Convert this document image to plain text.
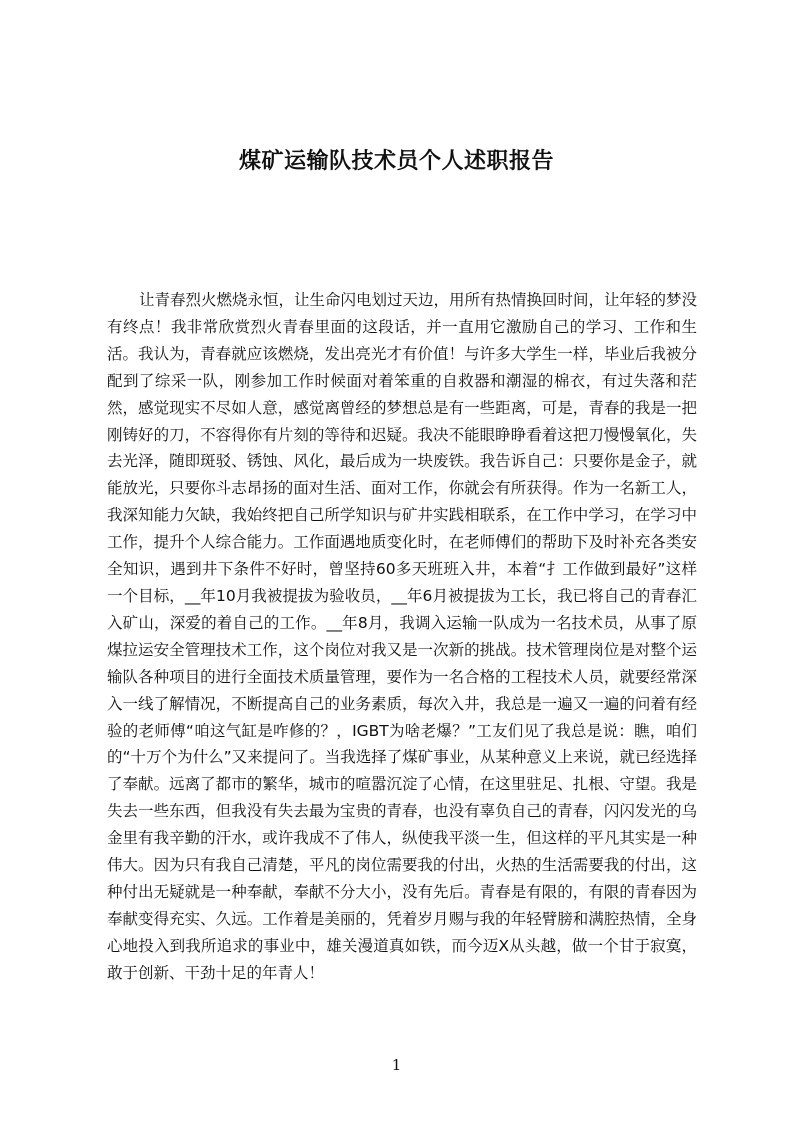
煤矿运输队技术员个人述职报告

让青春烈火燃烧永恒，让生命闪电划过天边，用所有热情换回时间，让年轻的梦没有终点！我非常欣赏烈火青春里面的这段话，并一直用它激励自己的学习、工作和生活。我认为，青春就应该燃烧，发出亮光才有价值！与许多大学生一样，毕业后我被分配到了综采一队，刚参加工作时候面对着笨重的自救器和潮湿的棉衣，有过失落和茫然，感觉现实不尽如人意，感觉离曾经的梦想总是有一些距离，可是，青春的我是一把刚铸好的刀，不容得你有片刻的等待和迟疑。我决不能眼睁睁看着这把刀慢慢氧化，失去光泽，随即斑驳、锈蚀、风化，最后成为一块废铁。我告诉自己：只要你是金子，就能放光，只要你斗志昂扬的面对生活、面对工作，你就会有所获得。作为一名新工人，我深知能力欠缺，我始终把自己所学知识与矿井实践相联系，在工作中学习，在学习中工作，提升个人综合能力。工作面遇地质变化时，在老师傅们的帮助下及时补充各类安全知识，遇到井下条件不好时，曾坚持60多天班班入井，本着“扌工作做到最好”这样一个目标，__年10月我被提拔为验收员，__年6月被提拔为工长，我已将自己的青春汇入矿山，深爱的着自己的工作。__年8月，我调入运输一队成为一名技术员，从事了原煤拉运安全管理技术工作，这个岗位对我又是一次新的挑战。技术管理岗位是对整个运输队各种项目的进行全面技术质量管理，要作为一名合格的工程技术人员，就要经常深入一线了解情况，不断提高自己的业务素质，每次入井，我总是一遍又一遍的问着有经验的老师傅“咱这气缸是咋修的？，IGBT为啥老爆？”工友们见了我总是说：瞧，咱们的“十万个为什么”又来提问了。当我选择了煤矿事业，从某种意义上来说，就已经选择了奉献。远离了都市的繁华，城市的喧嚣沉淀了心情，在这里驻足、扎根、守望。我是失去一些东西，但我没有失去最为宝贵的青春，也没有辜负自己的青春，闪闪发光的乌金里有我辛勤的汗水，或许我成不了伟人，纵使我平淡一生，但这样的平凡其实是一种伟大。因为只有我自己清楚，平凡的岗位需要我的付出，火热的生活需要我的付出，这种付出无疑就是一种奉献，奉献不分大小，没有先后。青春是有限的，有限的青春因为奉献变得充实、久远。工作着是美丽的，凭着岁月赐与我的年轻臂膀和满腔热情，全身心地投入到我所追求的事业中，雄关漫道真如铁，而今迈X从头越，做一个甘于寂寞，敢于创新、干劲十足的年青人！

1
